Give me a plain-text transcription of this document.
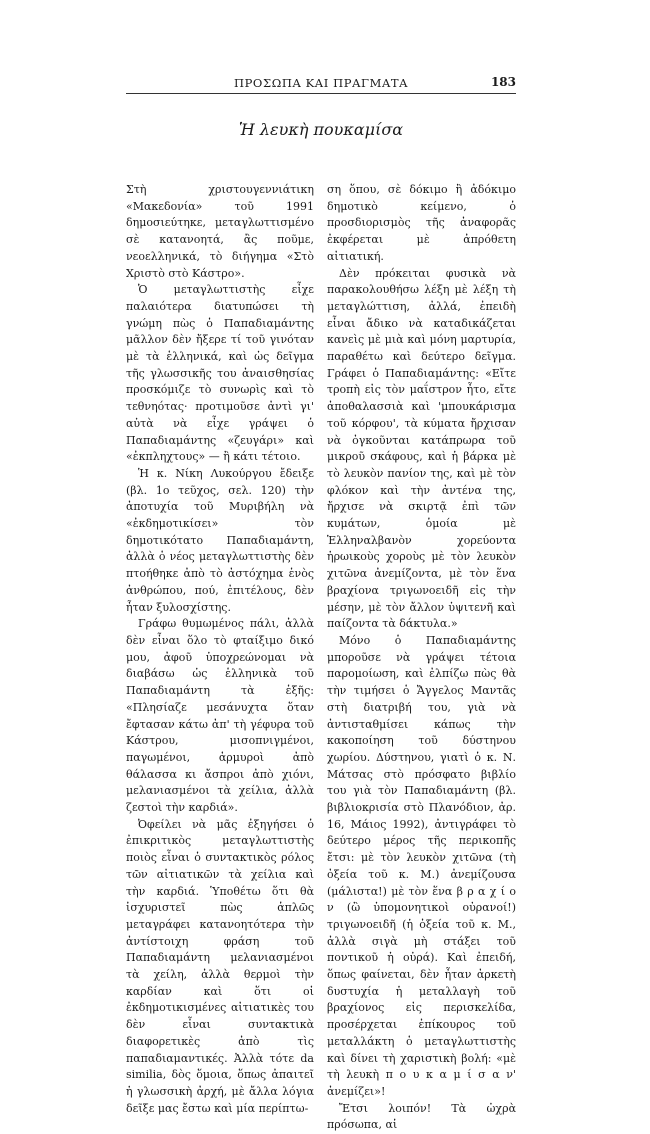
ΠΡΟΣΩΠΑ ΚΑΙ ΠΡΑΓΜΑΤΑ	183
Ἡ λευκὴ πουκαμίσα

Στὴ χριστουγεννιάτικη «Μακεδονία» τοῦ 1991 δημοσιεύτηκε, μεταγλωττισμένο σὲ κατανοητά, ἂς ποῦμε, νεοελληνικά, τὸ διήγημα «Στὸ Χριστὸ στὸ Κάστρο».

Ὁ μεταγλωττιστὴς εἶχε παλαιότερα διατυπώσει τὴ γνώμη πὼς ὁ Παπαδιαμάντης μᾶλλον δὲν ἤξερε τί τοῦ γινόταν μὲ τὰ ἑλληνικά, καὶ ὡς δεῖγμα τῆς γλωσσικῆς του ἀναισθησίας προσκόμιζε τὸ συνωρὶς καὶ τὸ τεθνηότας· προτιμοῦσε ἀντὶ γι' αὐτὰ νὰ εἶχε γράψει ὁ Παπαδιαμάντης «ζευγάρι» καὶ «ἐκπληχτους» — ἢ κάτι τέτοιο.

Ἡ κ. Νίκη Λυκούργου ἔδειξε (βλ. 1ο τεῦχος, σελ. 120) τὴν ἀποτυχία τοῦ Μυριβήλη νὰ «ἐκδημοτικίσει» τὸν δημοτικότατο Παπαδιαμάντη, ἀλλὰ ὁ νέος μεταγλωττιστὴς δὲν πτοήθηκε ἀπὸ τὸ ἀστόχημα ἑνὸς ἀνθρώπου, πού, ἐπιτέλους, δὲν ἦταν ξυλοσχίστης.

Γράφω θυμωμένος πάλι, ἀλλὰ δὲν εἶναι ὅλο τὸ φταίξιμο δικό μου, ἀφοῦ ὑποχρεώνομαι νὰ διαβάσω ὡς ἑλληνικὰ τοῦ Παπαδιαμάντη τὰ ἑξῆς: «Πλησίαζε μεσάνυχτα ὅταν ἔφτασαν κάτω ἀπ' τὴ γέφυρα τοῦ Κάστρου, μισοπνιγμένοι, παγωμένοι, ἁρμυροὶ ἀπὸ θάλασσα κι ἄσπροι ἀπὸ χιόνι, μελανιασμένοι τὰ χείλια, ἀλλὰ ζεστοὶ τὴν καρδιά».

Ὀφείλει νὰ μᾶς ἐξηγήσει ὁ ἐπικριτικὸς μεταγλωττιστὴς ποιὸς εἶναι ὁ συντακτικὸς ρόλος τῶν αἰτιατικῶν τὰ χείλια καὶ τὴν καρδιά. Ὑποθέτω ὅτι θὰ ἰσχυριστεῖ πὼς ἁπλῶς μεταγράφει κατανοητότερα τὴν ἀντίστοιχη φράση τοῦ Παπαδιαμάντη μελανιασμένοι τὰ χείλη, ἀλλὰ θερμοὶ τὴν καρδίαν καὶ ὅτι οἱ ἐκδημοτικισμένες αἰτιατικὲς του δὲν εἶναι συντακτικὰ διαφορετικὲς ἀπὸ τὶς παπαδιαμαντικές. Ἀλλὰ τότε da similia, δὸς ὅμοια, ὅπως ἀπαιτεῖ ἡ γλωσσικὴ ἀρχή, μὲ ἄλλα λόγια δεῖξε μας ἔστω καὶ μία περίπτω-

ση ὅπου, σὲ δόκιμο ἢ ἀδόκιμο δημοτικὸ κείμενο, ὁ προσδιορισμὸς τῆς ἀναφορᾶς ἐκφέρεται μὲ ἀπρόθετη αἰτιατική.

Δὲν πρόκειται φυσικὰ νὰ παρακολουθήσω λέξη μὲ λέξη τὴ μεταγλώττιση, ἀλλά, ἐπειδὴ εἶναι ἄδικο νὰ καταδικάζεται κανεὶς μὲ μιὰ καὶ μόνη μαρτυρία, παραθέτω καὶ δεύτερο δεῖγμα. Γράφει ὁ Παπαδιαμάντης: «Εἴτε τροπὴ εἰς τὸν μαΐστρον ἦτο, εἴτε ἀποθαλασσιὰ καὶ 'μπουκάρισμα τοῦ κόρφου', τὰ κύματα ἤρχισαν νὰ ὀγκοῦνται κατάπρωρα τοῦ μικροῦ σκάφους, καὶ ἡ βάρκα μὲ τὸ λευκὸν πανίον της, καὶ μὲ τὸν φλόκον καὶ τὴν ἀντένα της, ἤρχισε νὰ σκιρτᾷ ἐπὶ τῶν κυμάτων, ὁμοία μὲ Ἑλληναλβανὸν χορεύοντα ἡρωικοὺς χοροὺς μὲ τὸν λευκὸν χιτῶνα ἀνεμίζοντα, μὲ τὸν ἕνα βραχίονα τριγωνοειδῆ εἰς τὴν μέσην, μὲ τὸν ἄλλον ὑψιτενῆ καὶ παίζοντα τὰ δάκτυλα.»

Μόνο ὁ Παπαδιαμάντης μποροῦσε νὰ γράψει τέτοια παρομοίωση, καὶ ἐλπίζω πὼς θὰ τὴν τιμήσει ὁ Ἄγγελος Μαντᾶς στὴ διατριβή του, γιὰ νὰ ἀντισταθμίσει κάπως τὴν κακοποίηση τοῦ δύστηνου χωρίου. Δύστηνου, γιατὶ ὁ κ. Ν. Μάτσας στὸ πρόσφατο βιβλίο του γιὰ τὸν Παπαδιαμάντη (βλ. βιβλιοκρισία στὸ Πλανόδιον, ἀρ. 16, Μάιος 1992), ἀντιγράφει τὸ δεύτερο μέρος τῆς περικοπῆς ἔτσι: μὲ τὸν λευκὸν χιτῶνα (τὴ ὀξεία τοῦ κ. Μ.) ἀνεμίζουσα (μάλιστα!) μὲ τὸν ἕνα β ρ α χ ί ο ν (ὢ ὑπομονητικοὶ οὐρανοί!) τριγωνοειδῆ (ἡ ὀξεία τοῦ κ. Μ., ἀλλὰ σιγὰ μὴ στάξει τοῦ ποντικοῦ ἡ οὐρά). Καὶ ἐπειδή, ὅπως φαίνεται, δὲν ἦταν ἀρκετὴ δυστυχία ἡ μεταλλαγὴ τοῦ βραχίονος εἰς περισκελίδα, προσέρχεται ἐπίκουρος τοῦ μεταλλάκτη ὁ μεταγλωττιστὴς καὶ δίνει τὴ χαριστικὴ βολή: «μὲ τὴ λευκὴ π ο υ κ α μ ί σ α ν' ἀνεμίζει»!

Ἔτσι λοιπόν! Τὰ ὠχρὰ πρόσωπα, αἱ
